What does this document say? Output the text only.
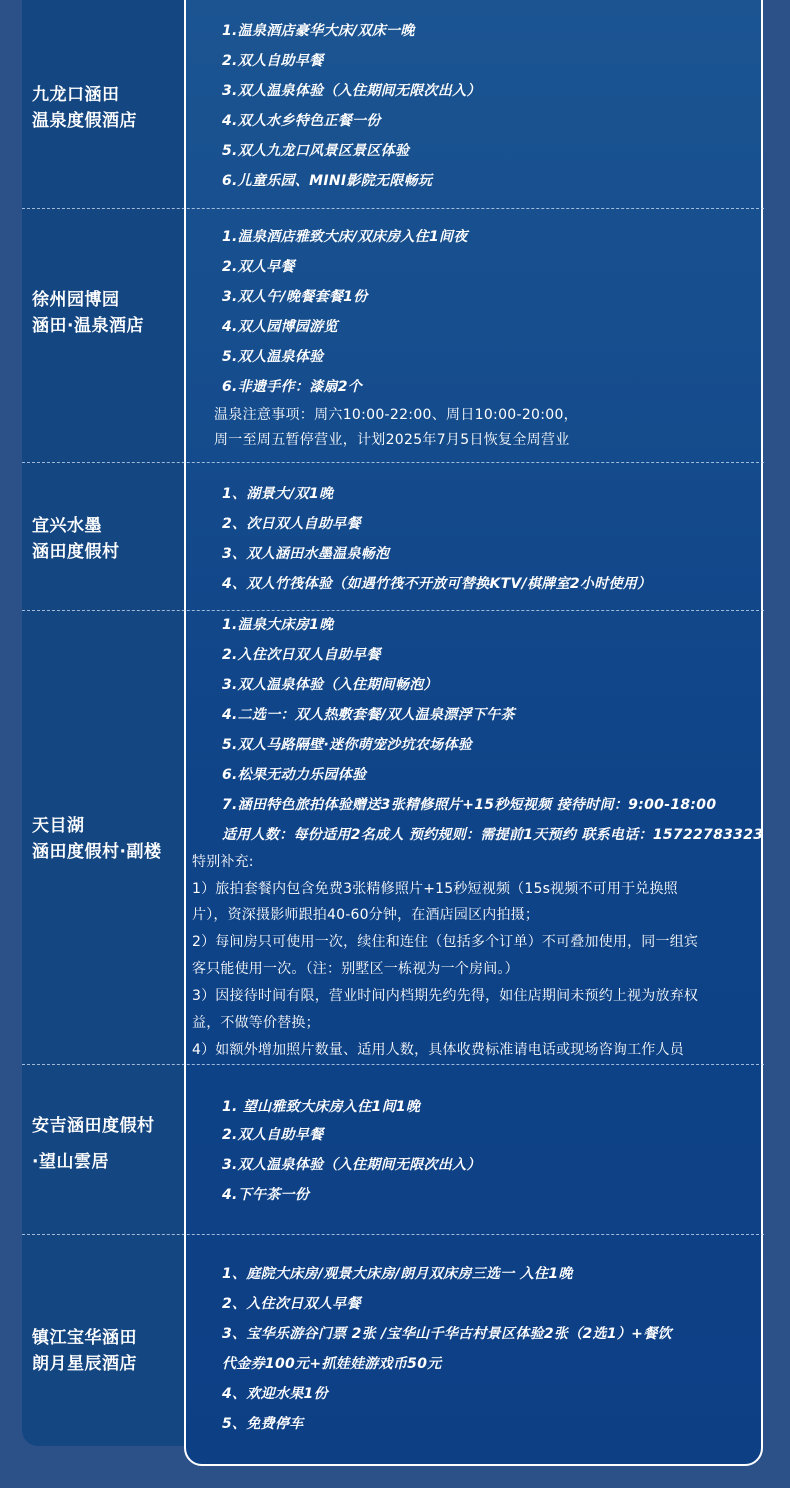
九龙口涵田
温泉度假酒店
1.温泉酒店豪华大床/双床一晚
2.双人自助早餐
3.双人温泉体验（入住期间无限次出入）
4.双人水乡特色正餐一份
5.双人九龙口风景区景区体验
6.儿童乐园、MINI影院无限畅玩
徐州园博园
涵田·温泉酒店
1.温泉酒店雅致大床/双床房入住1间夜
2.双人早餐
3.双人午/晚餐套餐1份
4.双人园博园游览
5.双人温泉体验
6.非遗手作：漆扇2个
温泉注意事项：周六10:00-22:00、周日10:00-20:00，
周一至周五暂停营业，计划2025年7月5日恢复全周营业
宜兴水墨
涵田度假村
1、湖景大/双1晚
2、次日双人自助早餐
3、双人涵田水墨温泉畅泡
4、双人竹筏体验（如遇竹筏不开放可替换KTV/棋牌室2小时使用）
天目湖
涵田度假村·副楼
1.温泉大床房1晚
2.入住次日双人自助早餐
3.双人温泉体验（入住期间畅泡）
4.二选一：双人热敷套餐/双人温泉漂浮下午茶
5.双人马路隔壁·迷你萌宠沙坑农场体验
6.松果无动力乐园体验
7.涵田特色旅拍体验赠送3张精修照片+15秒短视频 接待时间：9:00-18:00
适用人数：每份适用2名成人 预约规则：需提前1天预约 联系电话：15722783323
特别补充:
1）旅拍套餐内包含免费3张精修照片+15秒短视频（15s视频不可用于兑换照
片），资深摄影师跟拍40-60分钟，在酒店园区内拍摄；
2）每间房只可使用一次，续住和连住（包括多个订单）不可叠加使用，同一组宾
客只能使用一次。（注：别墅区一栋视为一个房间。）
3）因接待时间有限，营业时间内档期先约先得，如住店期间未预约上视为放弃权
益，不做等价替换；
4）如额外增加照片数量、适用人数，具体收费标准请电话或现场咨询工作人员
安吉涵田度假村
·望山雲居
1. 望山雅致大床房入住1间1晚
2.双人自助早餐
3.双人温泉体验（入住期间无限次出入）
4.下午茶一份
镇江宝华涵田
朗月星辰酒店
1、庭院大床房/观景大床房/朗月双床房三选一 入住1晚
2、入住次日双人早餐
3、宝华乐游谷门票 2张 /宝华山千华古村景区体验2张（2选1）+餐饮
代金券100元+抓娃娃游戏币50元
4、欢迎水果1份
5、免费停车
